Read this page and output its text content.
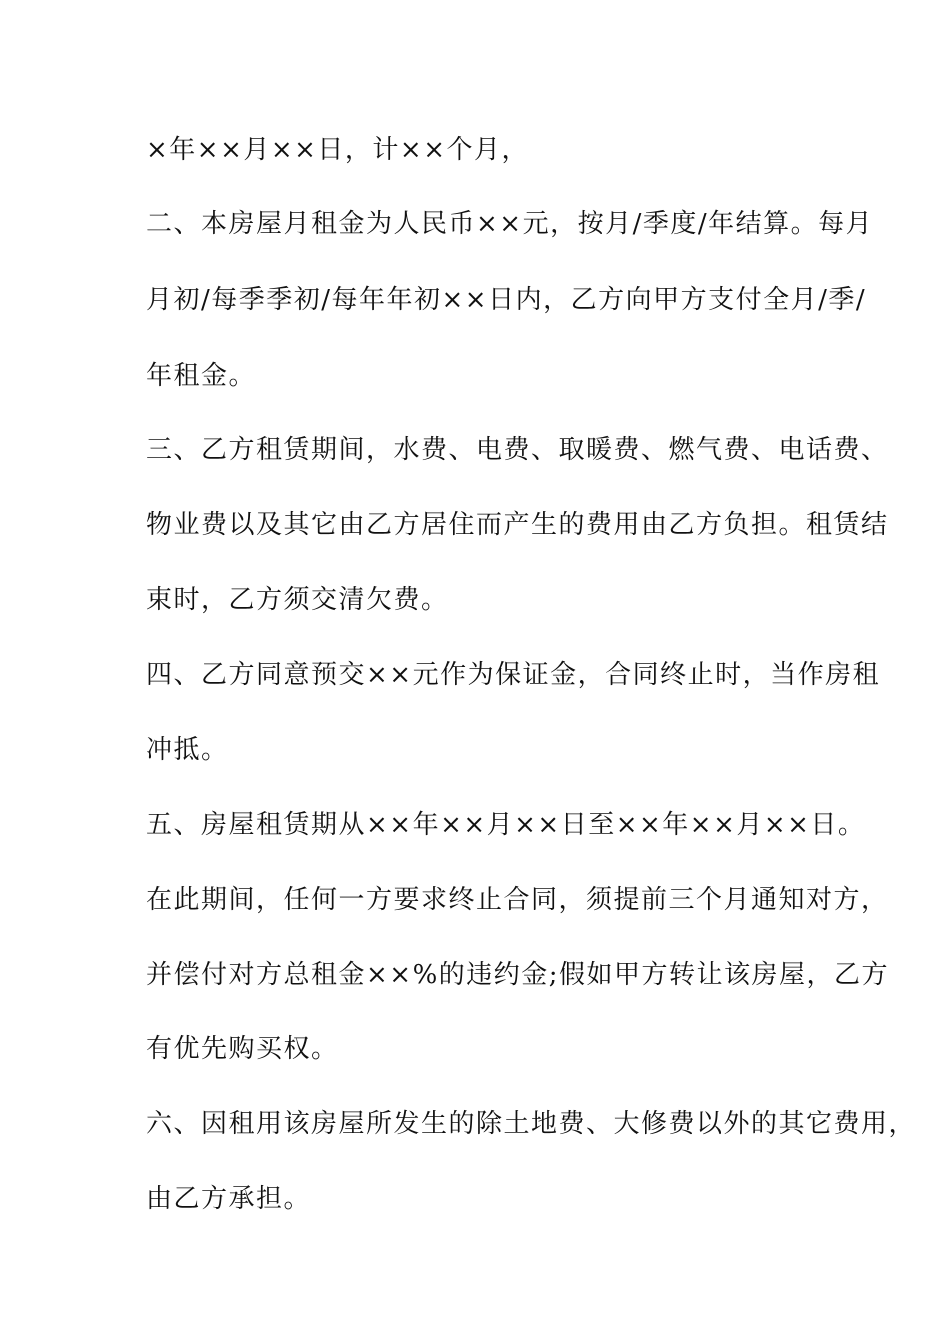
×年××月××日，计××个月，
二、本房屋月租金为人民币××元，按月/季度/年结算。每月
月初/每季季初/每年年初××日内，乙方向甲方支付全月/季/
年租金。
三、乙方租赁期间，水费、电费、取暖费、燃气费、电话费、
物业费以及其它由乙方居住而产生的费用由乙方负担。租赁结
束时，乙方须交清欠费。
四、乙方同意预交××元作为保证金，合同终止时，当作房租
冲抵。
五、房屋租赁期从××年××月××日至××年××月××日。
在此期间，任何一方要求终止合同，须提前三个月通知对方，
并偿付对方总租金××%的违约金;假如甲方转让该房屋，乙方
有优先购买权。
六、因租用该房屋所发生的除土地费、大修费以外的其它费用，
由乙方承担。
